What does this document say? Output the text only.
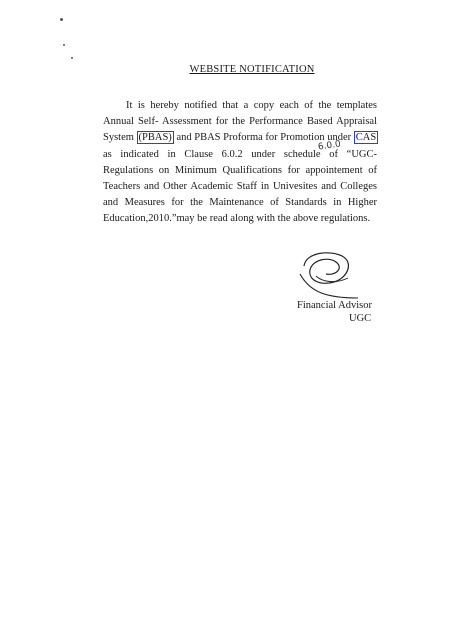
WEBSITE NOTIFICATION
It is hereby notified that a copy each of the templates
Annual Self- Assessment for the Performance Based Appraisal
System (PBAS) and PBAS Proforma for Promotion under CAS
6.0.0
as indicated in Clause 6.0.2 under schedule of “UGC-
Regulations on Minimum Qualifications for appointement of
Teachers and Other Academic Staff in Univesites and Colleges
and Measures for the Maintenance of Standards in Higher
Education,2010.”may be read along with the above regulations.
Financial Advisor
UGC
